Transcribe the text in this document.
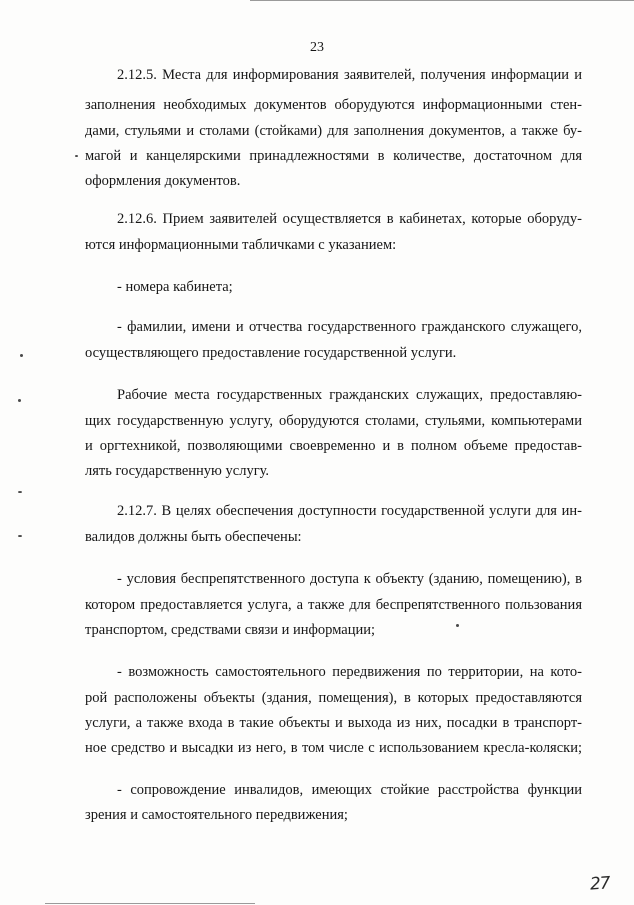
23
2.12.5. Места для информирования заявителей, получения информации и
заполнения необходимых документов оборудуются информационными стен-
дами, стульями и столами (стойками) для заполнения документов, а также бу-
магой и канцелярскими принадлежностями в количестве, достаточном для
оформления документов.
2.12.6. Прием заявителей осуществляется в кабинетах, которые оборуду-
ются информационными табличками с указанием:
- номера кабинета;
- фамилии, имени и отчества государственного гражданского служащего,
осуществляющего предоставление государственной услуги.
Рабочие места государственных гражданских служащих, предоставляю-
щих государственную услугу, оборудуются столами, стульями, компьютерами
и оргтехникой, позволяющими своевременно и в полном объеме предостав-
лять государственную услугу.
2.12.7. В целях обеспечения доступности государственной услуги для ин-
валидов должны быть обеспечены:
- условия беспрепятственного доступа к объекту (зданию, помещению), в
котором предоставляется услуга, а также для беспрепятственного пользования
транспортом, средствами связи и информации;
- возможность самостоятельного передвижения по территории, на кото-
рой расположены объекты (здания, помещения), в которых предоставляются
услуги, а также входа в такие объекты и выхода из них, посадки в транспорт-
ное средство и высадки из него, в том числе с использованием кресла-коляски;
- сопровождение инвалидов, имеющих стойкие расстройства функции
зрения и самостоятельного передвижения;
27
